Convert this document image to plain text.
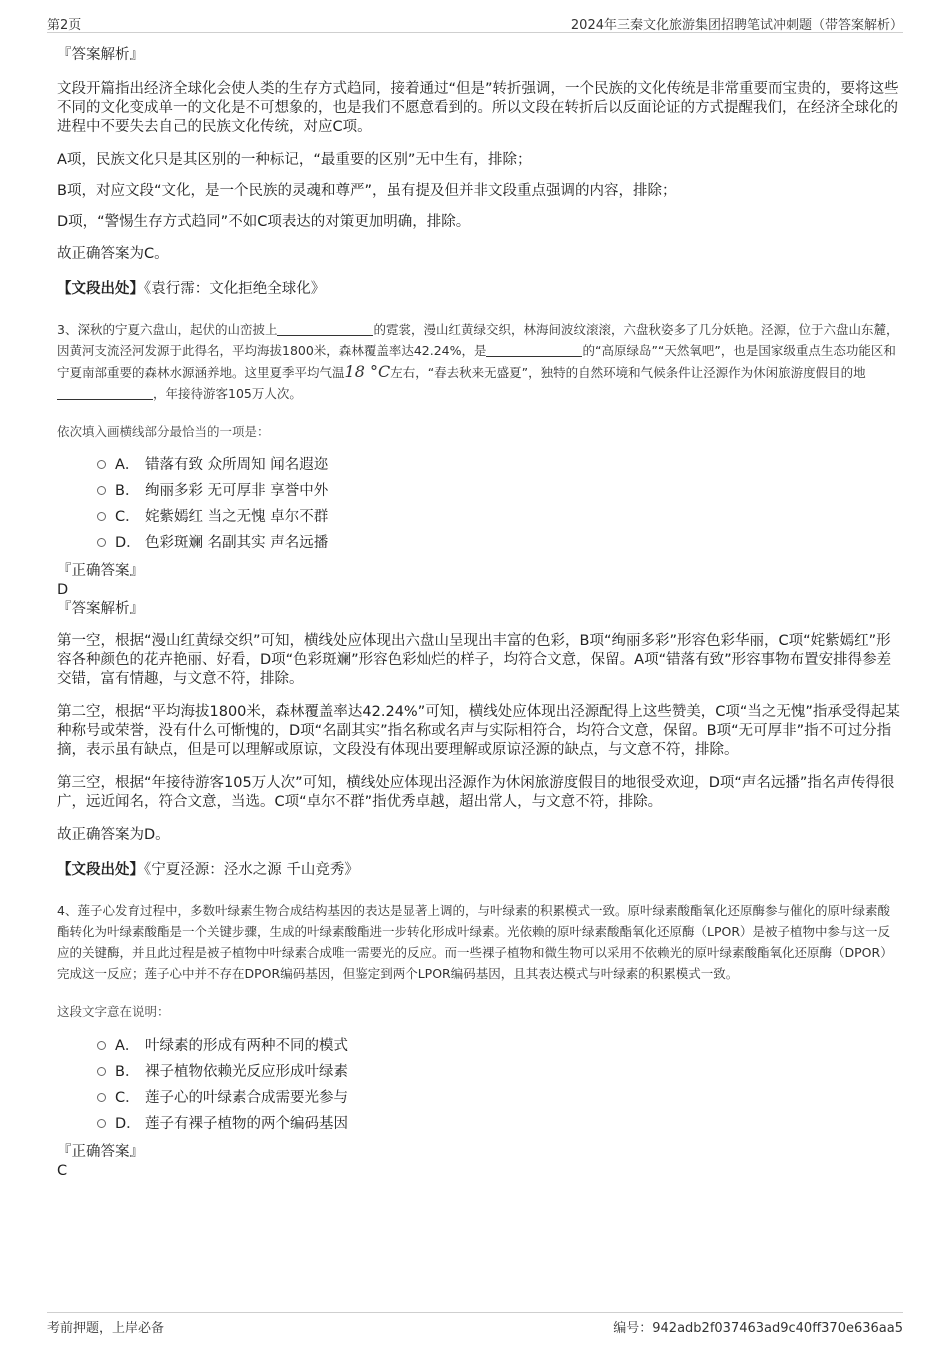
第2页	2024年三秦文化旅游集团招聘笔试冲刺题（带答案解析）

『答案解析』

文段开篇指出经济全球化会使人类的生存方式趋同，接着通过“但是”转折强调，一个民族的文化传统是非常重要而宝贵的，要将这些不同的文化变成单一的文化是不可想象的，也是我们不愿意看到的。所以文段在转折后以反面论证的方式提醒我们，在经济全球化的进程中不要失去自己的民族文化传统，对应C项。

A项，民族文化只是其区别的一种标记，“最重要的区别”无中生有，排除；

B项，对应文段“文化，是一个民族的灵魂和尊严”，虽有提及但并非文段重点强调的内容，排除；

D项，“警惕生存方式趋同”不如C项表达的对策更加明确，排除。

故正确答案为C。

【文段出处】《袁行霈：文化拒绝全球化》

3、深秋的宁夏六盘山，起伏的山峦披上	的霓裳，漫山红黄绿交织，林海间波纹滚滚，六盘秋姿多了几分妖艳。泾源，位于六盘山东麓，因黄河支流泾河发源于此得名，平均海拔1800米，森林覆盖率达42.24%，是	的“高原绿岛”“天然氧吧”，也是国家级重点生态功能区和宁夏南部重要的森林水源涵养地。这里夏季平均气温18 °C左右，“春去秋来无盛夏”，独特的自然环境和气候条件让泾源作为休闲旅游度假目的地，年接待游客105万人次。

依次填入画横线部分最恰当的一项是：

A． 错落有致 众所周知 闻名遐迩
B． 绚丽多彩 无可厚非 享誉中外
C． 姹紫嫣红 当之无愧 卓尔不群
D． 色彩斑斓 名副其实 声名远播

『正确答案』

D

『答案解析』

第一空，根据“漫山红黄绿交织”可知，横线处应体现出六盘山呈现出丰富的色彩，B项“绚丽多彩”形容色彩华丽，C项“姹紫嫣红”形容各种颜色的花卉艳丽、好看，D项“色彩斑斓”形容色彩灿烂的样子，均符合文意，保留。A项“错落有致”形容事物布置安排得参差交错，富有情趣，与文意不符，排除。

第二空，根据“平均海拔1800米，森林覆盖率达42.24%”可知，横线处应体现出泾源配得上这些赞美，C项“当之无愧”指承受得起某种称号或荣誉，没有什么可惭愧的，D项“名副其实”指名称或名声与实际相符合，均符合文意，保留。B项“无可厚非”指不可过分指摘，表示虽有缺点，但是可以理解或原谅，文段没有体现出要理解或原谅泾源的缺点，与文意不符，排除。

第三空，根据“年接待游客105万人次”可知，横线处应体现出泾源作为休闲旅游度假目的地很受欢迎，D项“声名远播”指名声传得很广，远近闻名，符合文意，当选。C项“卓尔不群”指优秀卓越，超出常人，与文意不符，排除。

故正确答案为D。

【文段出处】《宁夏泾源：泾水之源 千山竞秀》

4、莲子心发育过程中，多数叶绿素生物合成结构基因的表达是显著上调的，与叶绿素的积累模式一致。原叶绿素酸酯氧化还原酶参与催化的原叶绿素酸酯转化为叶绿素酸酯是一个关键步骤，生成的叶绿素酸酯进一步转化形成叶绿素。光依赖的原叶绿素酸酯氧化还原酶（LPOR）是被子植物中参与这一反应的关键酶，并且此过程是被子植物中叶绿素合成唯一需要光的反应。而一些裸子植物和微生物可以采用不依赖光的原叶绿素酸酯氧化还原酶（DPOR）完成这一反应；莲子心中并不存在DPOR编码基因，但鉴定到两个LPOR编码基因，且其表达模式与叶绿素的积累模式一致。

这段文字意在说明：

A． 叶绿素的形成有两种不同的模式
B． 裸子植物依赖光反应形成叶绿素
C． 莲子心的叶绿素合成需要光参与
D． 莲子有裸子植物的两个编码基因

『正确答案』

C

考前押题，上岸必备	编号：942adb2f037463ad9c40ff370e636aa5
